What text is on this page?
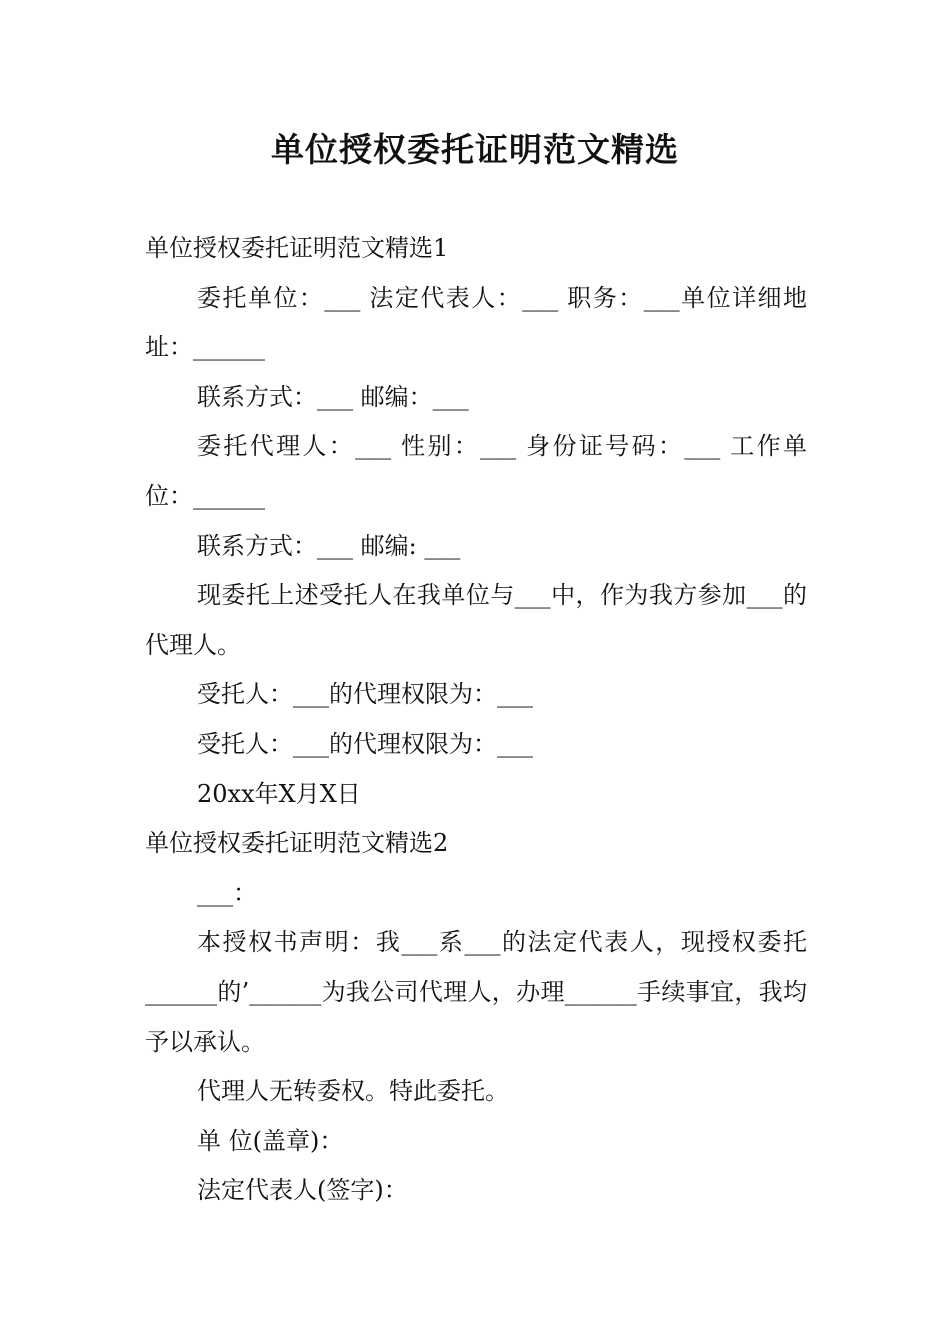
单位授权委托证明范文精选

单位授权委托证明范文精选1

委托单位：___ 法定代表人：___ 职务：___单位详细地址：______

联系方式：___ 邮编：___

委托代理人：___ 性别：___ 身份证号码：___ 工作单位：______

联系方式：___ 邮编: ___

现委托上述受托人在我单位与___中，作为我方参加___的代理人。

受托人：___的代理权限为：___

受托人：___的代理权限为：___

20xx年X月X日

单位授权委托证明范文精选2

___：

本授权书声明：我___系___的法定代表人，现授权委托______的’______为我公司代理人，办理______手续事宜，我均予以承认。

代理人无转委权。特此委托。

单 位(盖章)：

法定代表人(签字)：
